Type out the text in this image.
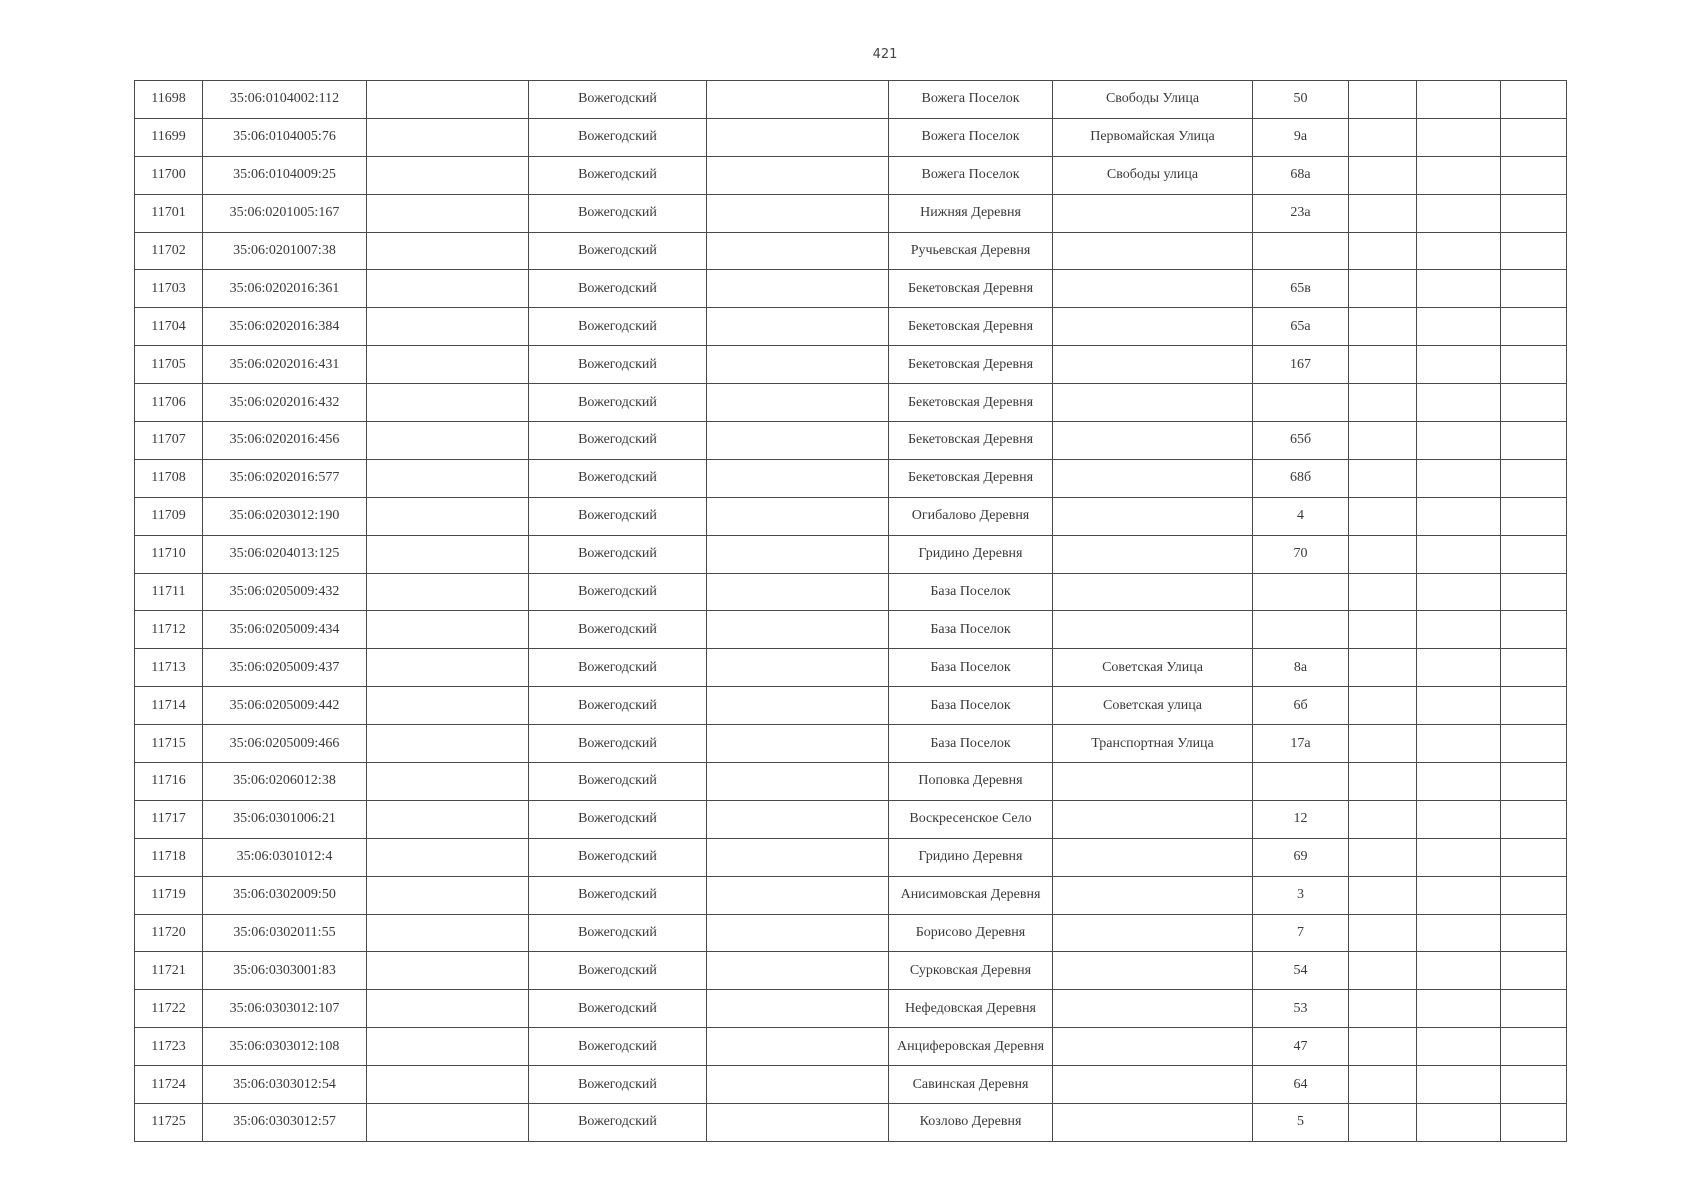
421
11698	35:06:0104002:112		Вожегодский		Вожега Поселок	Свободы Улица	50			
11699	35:06:0104005:76		Вожегодский		Вожега Поселок	Первомайская Улица	9а			
11700	35:06:0104009:25		Вожегодский		Вожега Поселок	Свободы улица	68а			
11701	35:06:0201005:167		Вожегодский		Нижняя Деревня		23а			
11702	35:06:0201007:38		Вожегодский		Ручьевская Деревня					
11703	35:06:0202016:361		Вожегодский		Бекетовская Деревня		65в			
11704	35:06:0202016:384		Вожегодский		Бекетовская Деревня		65а			
11705	35:06:0202016:431		Вожегодский		Бекетовская Деревня		167			
11706	35:06:0202016:432		Вожегодский		Бекетовская Деревня					
11707	35:06:0202016:456		Вожегодский		Бекетовская Деревня		65б			
11708	35:06:0202016:577		Вожегодский		Бекетовская Деревня		68б			
11709	35:06:0203012:190		Вожегодский		Огибалово Деревня		4			
11710	35:06:0204013:125		Вожегодский		Гридино Деревня		70			
11711	35:06:0205009:432		Вожегодский		База Поселок					
11712	35:06:0205009:434		Вожегодский		База Поселок					
11713	35:06:0205009:437		Вожегодский		База Поселок	Советская Улица	8а			
11714	35:06:0205009:442		Вожегодский		База Поселок	Советская улица	6б			
11715	35:06:0205009:466		Вожегодский		База Поселок	Транспортная Улица	17а			
11716	35:06:0206012:38		Вожегодский		Поповка Деревня					
11717	35:06:0301006:21		Вожегодский		Воскресенское Село		12			
11718	35:06:0301012:4		Вожегодский		Гридино Деревня		69			
11719	35:06:0302009:50		Вожегодский		Анисимовская Деревня		3			
11720	35:06:0302011:55		Вожегодский		Борисово Деревня		7			
11721	35:06:0303001:83		Вожегодский		Сурковская Деревня		54			
11722	35:06:0303012:107		Вожегодский		Нефедовская Деревня		53			
11723	35:06:0303012:108		Вожегодский		Анциферовская Деревня		47			
11724	35:06:0303012:54		Вожегодский		Савинская Деревня		64			
11725	35:06:0303012:57		Вожегодский		Козлово Деревня		5			
